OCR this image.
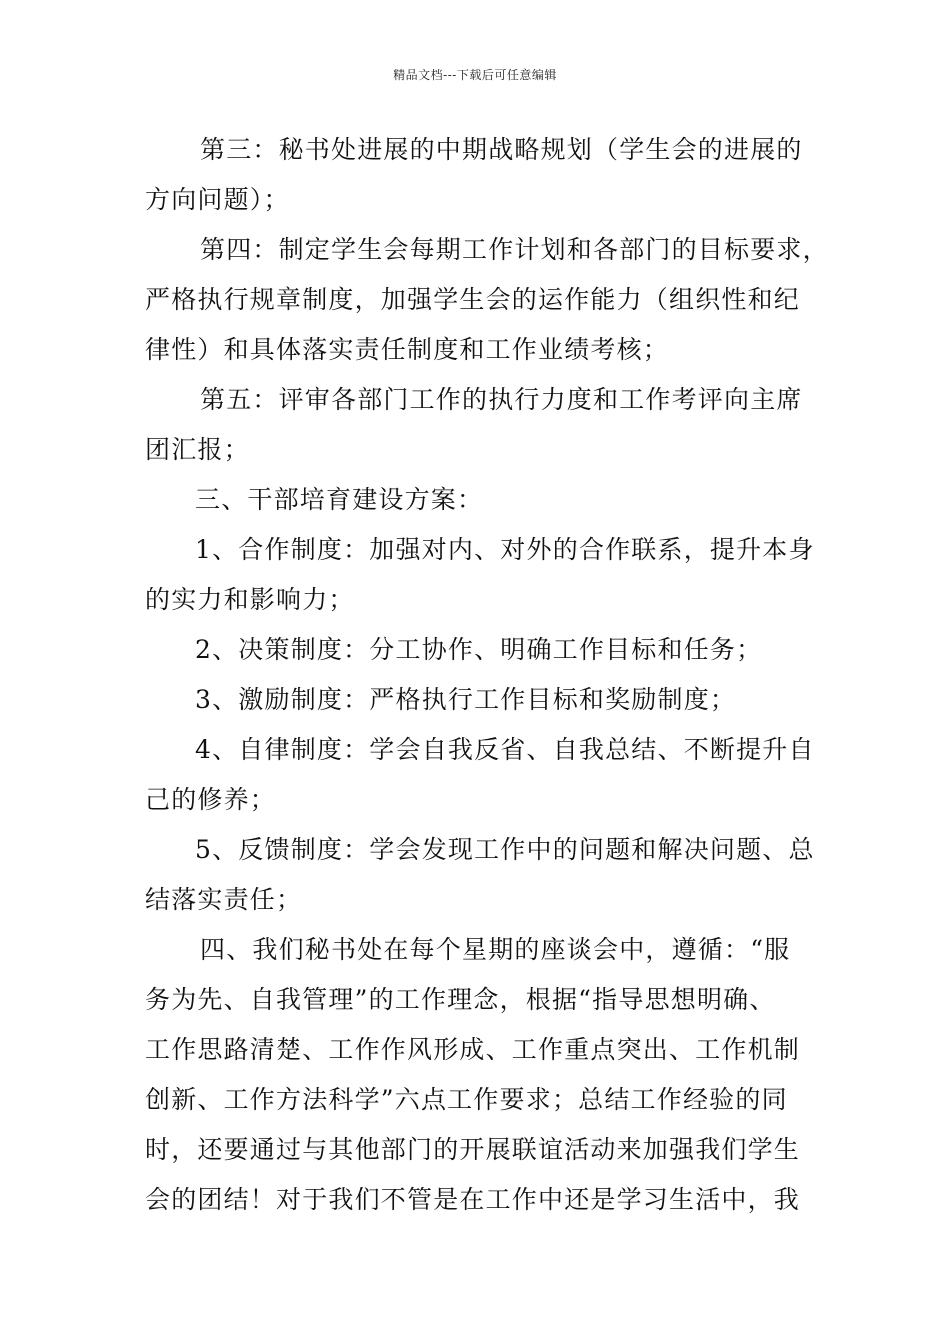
精品文档---下载后可任意编辑
第三：秘书处进展的中期战略规划（学生会的进展的
方向问题）；
第四：制定学生会每期工作计划和各部门的目标要求，
严格执行规章制度，加强学生会的运作能力（组织性和纪
律性）和具体落实责任制度和工作业绩考核；
第五：评审各部门工作的执行力度和工作考评向主席
团汇报；
三、干部培育建设方案：
1、合作制度：加强对内、对外的合作联系，提升本身
的实力和影响力；
2、决策制度：分工协作、明确工作目标和任务；
3、激励制度：严格执行工作目标和奖励制度；
4、自律制度：学会自我反省、自我总结、不断提升自
己的修养；
5、反馈制度：学会发现工作中的问题和解决问题、总
结落实责任；
四、我们秘书处在每个星期的座谈会中，遵循：“服
务为先、自我管理”的工作理念，根据“指导思想明确、
工作思路清楚、工作作风形成、工作重点突出、工作机制
创新、工作方法科学”六点工作要求；总结工作经验的同
时，还要通过与其他部门的开展联谊活动来加强我们学生
会的团结！对于我们不管是在工作中还是学习生活中，我
